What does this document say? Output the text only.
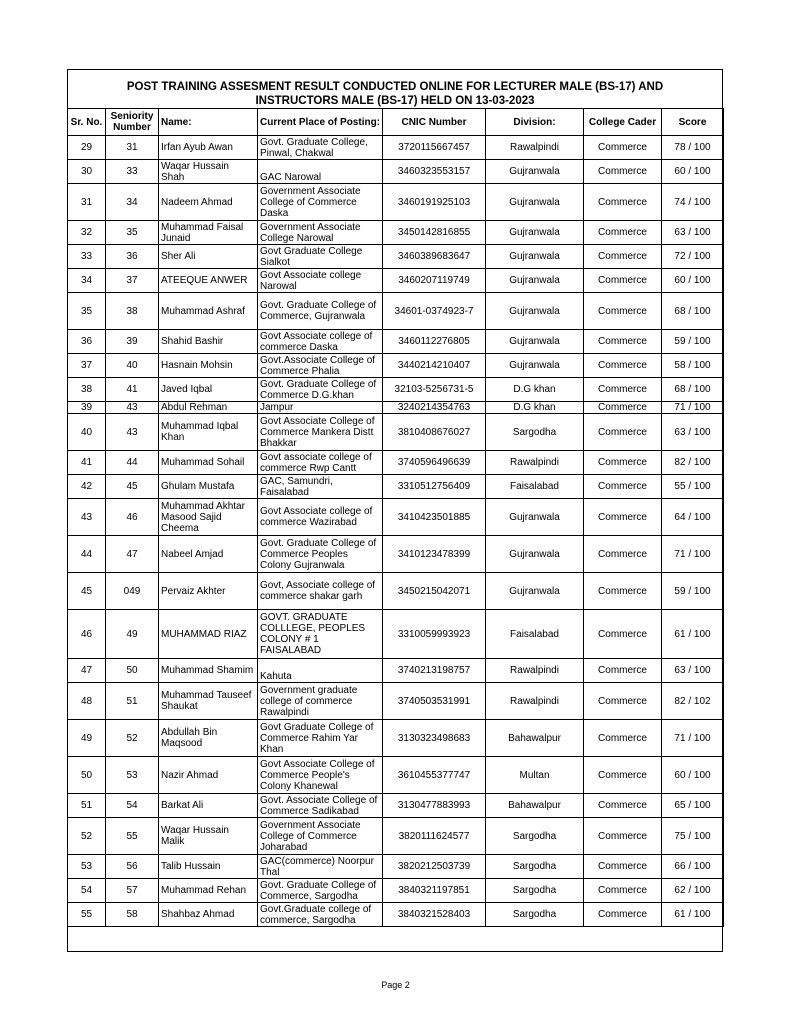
POST TRAINING ASSESMENT RESULT CONDUCTED ONLINE FOR LECTURER MALE (BS-17) AND
INSTRUCTORS MALE (BS-17) HELD ON 13-03-2023
Sr. No.	Seniority Number	Name:	Current Place of Posting:	CNIC Number	Division:	College Cader	Score
29	31	Irfan Ayub Awan	Govt. Graduate College, Pinwal, Chakwal	3720115667457	Rawalpindi	Commerce	78 / 100
30	33	Waqar Hussain Shah	GAC Narowal	3460323553157	Gujranwala	Commerce	60 / 100
31	34	Nadeem Ahmad	Government Associate College of Commerce Daska	3460191925103	Gujranwala	Commerce	74 / 100
32	35	Muhammad Faisal Junaid	Government Associate College Narowal	3450142816855	Gujranwala	Commerce	63 / 100
33	36	Sher Ali	Govt Graduate College Sialkot	3460389683647	Gujranwala	Commerce	72 / 100
34	37	ATEEQUE ANWER	Govt Associate college Narowal	3460207119749	Gujranwala	Commerce	60 / 100
35	38	Muhammad Ashraf	Govt. Graduate College of Commerce, Gujranwala	34601-0374923-7	Gujranwala	Commerce	68 / 100
36	39	Shahid Bashir	Govt Associate college of commerce Daska	3460112276805	Gujranwala	Commerce	59 / 100
37	40	Hasnain Mohsin	Govt.Associate College of Commerce Phalia	3440214210407	Gujranwala	Commerce	58 / 100
38	41	Javed Iqbal	Govt. Graduate College of Commerce D.G.khan	32103-5256731-5	D.G khan	Commerce	68 / 100
39	43	Abdul Rehman	Jampur	3240214354763	D.G khan	Commerce	71 / 100
40	43	Muhammad Iqbal Khan	Govt Associate College of Commerce Mankera Distt Bhakkar	3810408676027	Sargodha	Commerce	63 / 100
41	44	Muhammad Sohail	Govt associate college of commerce Rwp Cantt	3740596496639	Rawalpindi	Commerce	82 / 100
42	45	Ghulam Mustafa	GAC, Samundri, Faisalabad	3310512756409	Faisalabad	Commerce	55 / 100
43	46	Muhammad Akhtar Masood Sajid Cheema	Govt Associate college of commerce Wazirabad	3410423501885	Gujranwala	Commerce	64 / 100
44	47	Nabeel Amjad	Govt. Graduate College of Commerce Peoples Colony Gujranwala	3410123478399	Gujranwala	Commerce	71 / 100
45	049	Pervaiz Akhter	Govt, Associate college of commerce shakar garh	3450215042071	Gujranwala	Commerce	59 / 100
46	49	MUHAMMAD RIAZ	GOVT. GRADUATE COLLLEGE, PEOPLES COLONY # 1 FAISALABAD	3310059993923	Faisalabad	Commerce	61 / 100
47	50	Muhammad Shamim	Kahuta	3740213198757	Rawalpindi	Commerce	63 / 100
48	51	Muhammad Tauseef Shaukat	Government graduate college of commerce Rawalpindi	3740503531991	Rawalpindi	Commerce	82 / 102
49	52	Abdullah Bin Maqsood	Govt Graduate College of Commerce Rahim Yar Khan	3130323498683	Bahawalpur	Commerce	71 / 100
50	53	Nazir Ahmad	Govt Associate College of Commerce People's Colony Khanewal	3610455377747	Multan	Commerce	60 / 100
51	54	Barkat Ali	Govt. Associate College of Commerce Sadikabad	3130477883993	Bahawalpur	Commerce	65 / 100
52	55	Waqar Hussain Malik	Government Associate College of Commerce Joharabad	3820111624577	Sargodha	Commerce	75 / 100
53	56	Talib Hussain	GAC(commerce) Noorpur Thal	3820212503739	Sargodha	Commerce	66 / 100
54	57	Muhammad Rehan	Govt. Graduate College of Commerce, Sargodha	3840321197851	Sargodha	Commerce	62 / 100
55	58	Shahbaz Ahmad	Govt.Graduate college of commerce, Sargodha	3840321528403	Sargodha	Commerce	61 / 100
Page 2
